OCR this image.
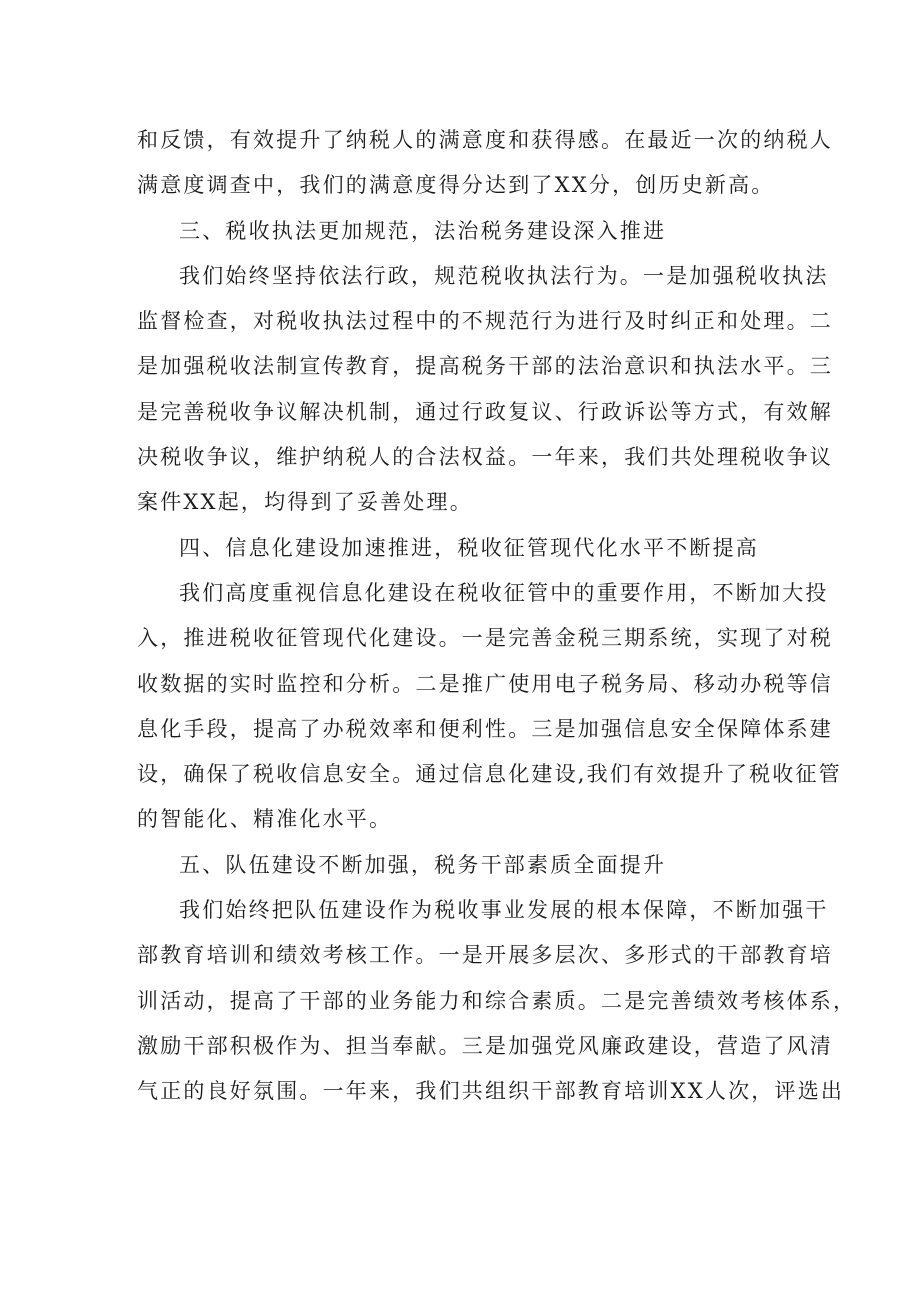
和反馈，有效提升了纳税人的满意度和获得感。在最近一次的纳税人
满意度调查中，我们的满意度得分达到了XX分，创历史新高。
三、税收执法更加规范，法治税务建设深入推进
我们始终坚持依法行政，规范税收执法行为。一是加强税收执法
监督检查，对税收执法过程中的不规范行为进行及时纠正和处理。二
是加强税收法制宣传教育，提高税务干部的法治意识和执法水平。三
是完善税收争议解决机制，通过行政复议、行政诉讼等方式，有效解
决税收争议，维护纳税人的合法权益。一年来，我们共处理税收争议
案件XX起，均得到了妥善处理。
四、信息化建设加速推进，税收征管现代化水平不断提高
我们高度重视信息化建设在税收征管中的重要作用，不断加大投
入，推进税收征管现代化建设。一是完善金税三期系统，实现了对税
收数据的实时监控和分析。二是推广使用电子税务局、移动办税等信
息化手段，提高了办税效率和便利性。三是加强信息安全保障体系建
设，确保了税收信息安全。通过信息化建设,我们有效提升了税收征管
的智能化、精准化水平。
五、队伍建设不断加强，税务干部素质全面提升
我们始终把队伍建设作为税收事业发展的根本保障，不断加强干
部教育培训和绩效考核工作。一是开展多层次、多形式的干部教育培
训活动，提高了干部的业务能力和综合素质。二是完善绩效考核体系，
激励干部积极作为、担当奉献。三是加强党风廉政建设，营造了风清
气正的良好氛围。一年来，我们共组织干部教育培训XX人次，评选出
